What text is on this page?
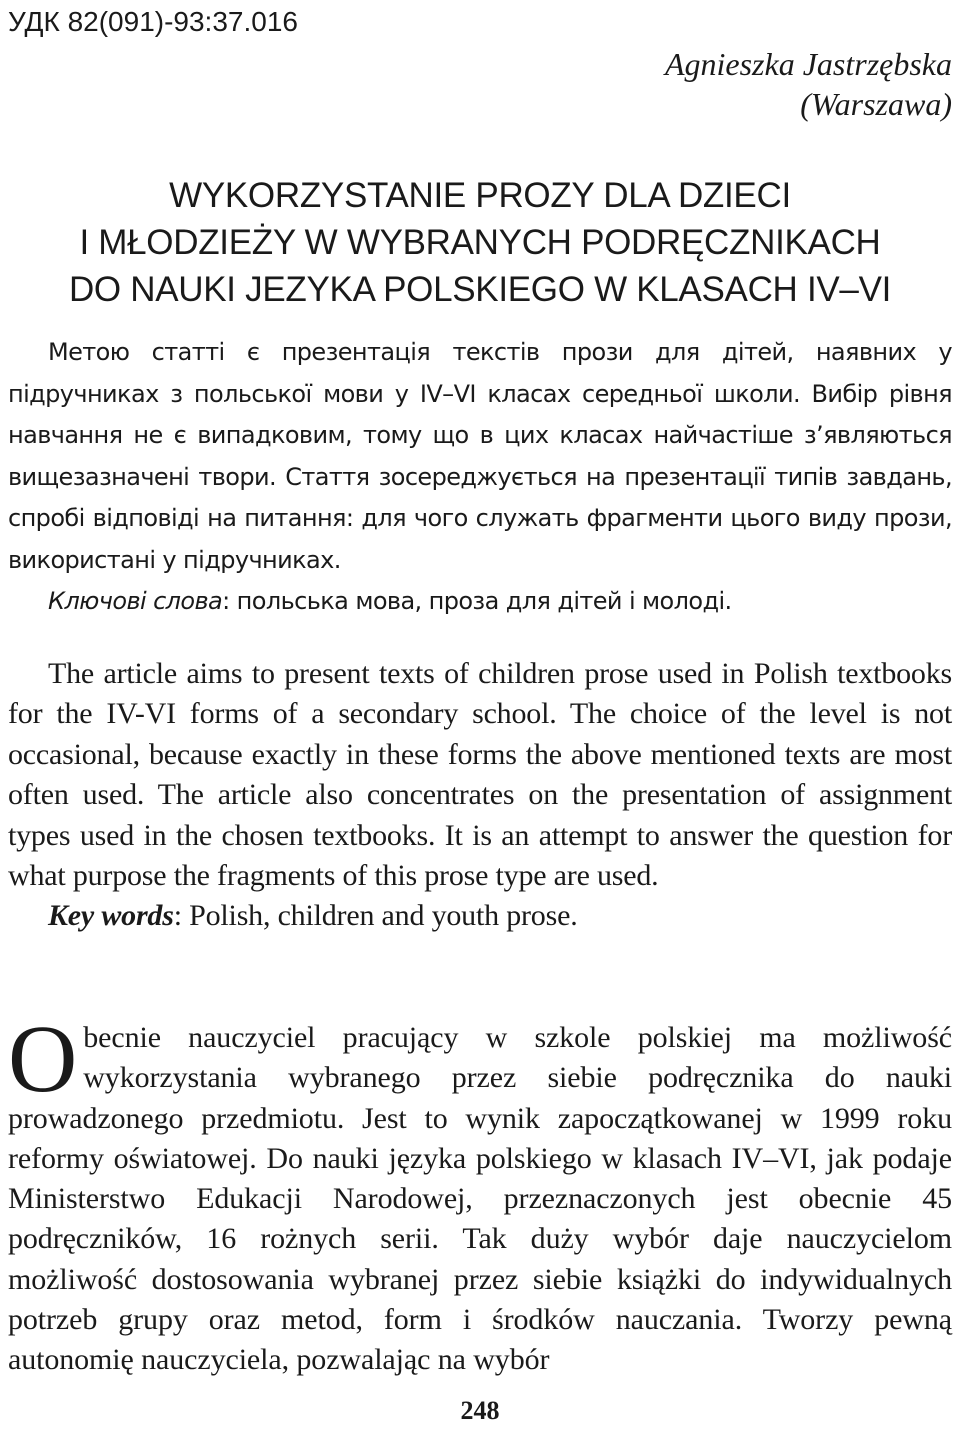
УДК 82(091)-93:37.016
Agnieszka Jastrzębska
(Warszawa)
WYKORZYSTANIE PROZY DLA DZIECI
I MŁODZIEŻY W WYBRANYCH PODRĘCZNIKACH
DO NAUKI JEZYKA POLSKIEGO W KLASACH IV–VI
Метою статті є презентація текстів прози для дітей, наявних у підручниках з польської мови у IV–VI класах середньої школи. Вибір рівня навчання не є випадковим, тому що в цих класах найчастіше з’являються вищезазначені твори. Стаття зосереджується на презентації типів завдань, спробі відповіді на питання: для чого служать фрагменти цього виду прози, використані у підручниках.
Ключові слова: польська мова, проза для дітей і молоді.
The article aims to present texts of children prose used in Polish textbooks for the IV-VI forms of a secondary school. The choice of the level is not occasional, because exactly in these forms the above mentioned texts are most often used. The article also concentrates on the presentation of assignment types used in the chosen textbooks. It is an attempt to answer the question for what purpose the fragments of this prose type are used.
Key words: Polish, children and youth prose.
Obecnie nauczyciel pracujący w szkole polskiej ma możliwość wykorzystania wybranego przez siebie podręcznika do nauki prowadzonego przedmiotu. Jest to wynik zapoczątkowanej w 1999 roku reformy oświatowej. Do nauki języka polskiego w klasach IV–VI, jak podaje Ministerstwo Edukacji Narodowej, przeznaczonych jest obecnie 45 podręczników, 16 rożnych serii. Tak duży wybór daje nauczycielom możliwość dostosowania wybranej przez siebie książki do indywidualnych potrzeb grupy oraz metod, form i środków nauczania. Tworzy pewną autonomię nauczyciela, pozwalając na wybór
248
